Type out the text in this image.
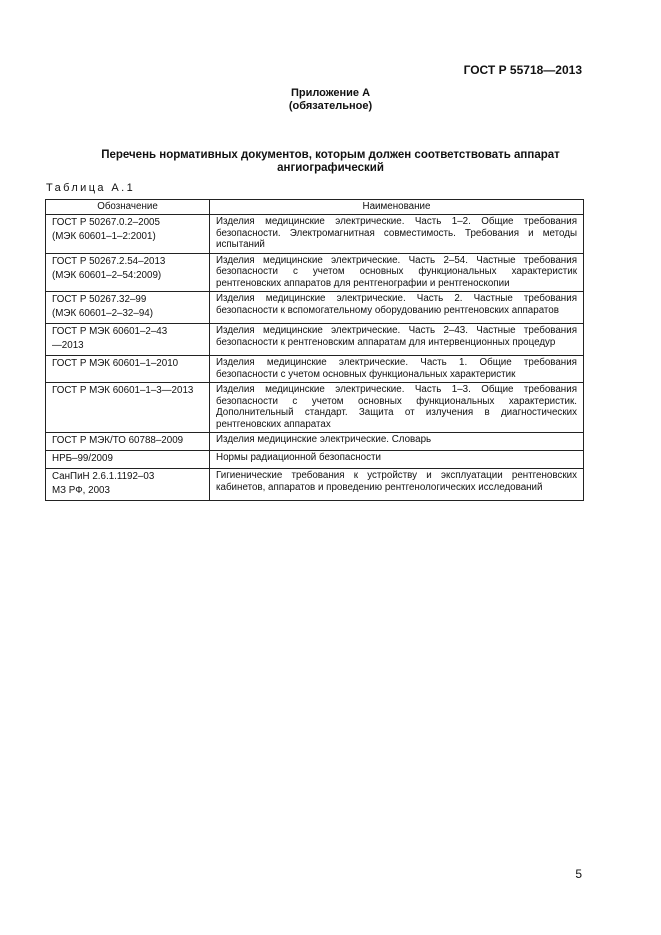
ГОСТ Р 55718—2013
Приложение А
(обязательное)
Перечень нормативных документов, которым должен соответствовать аппарат
ангиографический
Таблица А.1
Обозначение	Наименование

ГОСТ Р 50267.0.2–2005
(МЭК 60601–1–2:2001)	Изделия медицинские электрические. Часть 1–2. Общие требования безопасности. Электромагнитная совместимость. Требования и методы испытаний

ГОСТ Р 50267.2.54–2013
(МЭК 60601–2–54:2009)	Изделия медицинские электрические. Часть 2–54. Частные требования безопасности с учетом основных функциональных характеристик рентгеновских аппаратов для рентгенографии и рентгеноскопии

ГОСТ Р 50267.32–99
(МЭК 60601–2–32–94)	Изделия медицинские электрические. Часть 2. Частные требования безопасности к вспомогательному оборудованию рентгеновских аппаратов

ГОСТ Р МЭК 60601–2–43
—2013	Изделия медицинские электрические. Часть 2–43. Частные требования безопасности к рентгеновским аппаратам для интервенционных процедур

ГОСТ Р МЭК 60601–1–2010	Изделия медицинские электрические. Часть 1. Общие требования безопасности с учетом основных функциональных характеристик

ГОСТ Р МЭК 60601–1–3—2013	Изделия медицинские электрические. Часть 1–3. Общие требования безопасности с учетом основных функциональных характеристик. Дополнительный стандарт. Защита от излучения в диагностических рентгеновских аппаратах

ГОСТ Р МЭК/ТО 60788–2009	Изделия медицинские электрические. Словарь

НРБ–99/2009	Нормы радиационной безопасности

СанПиН 2.6.1.1192–03
МЗ РФ, 2003	Гигиенические требования к устройству и эксплуатации рентгеновских кабинетов, аппаратов и проведению рентгенологических исследований
5
